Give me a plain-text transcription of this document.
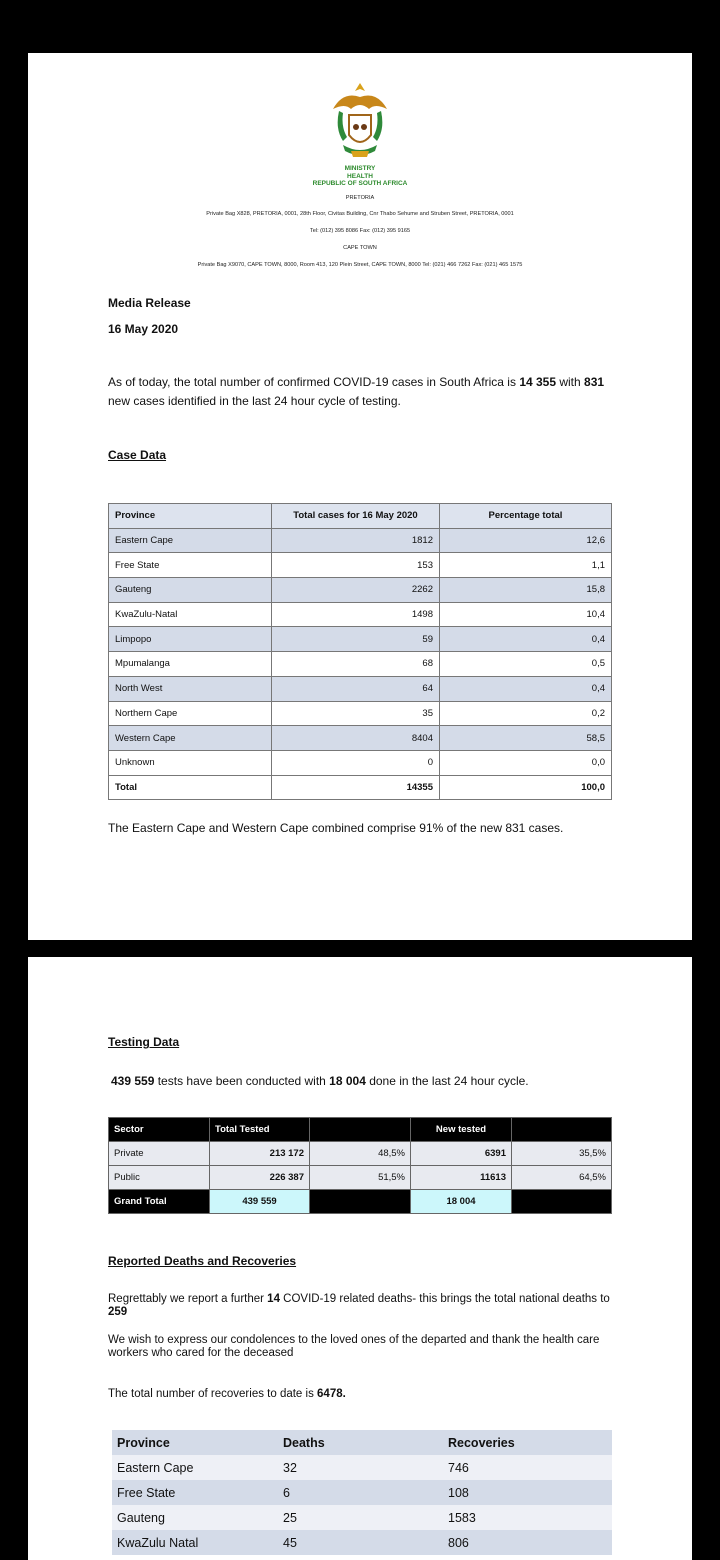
MINISTRY
HEALTH
REPUBLIC OF SOUTH AFRICA
PRETORIA
Private Bag X828, PRETORIA, 0001, 28th Floor, Civitas Building, Cnr Thabo Sehume and Struben Street, PRETORIA, 0001
Tel: (012) 395 8086 Fax: (012) 395 9165
CAPE TOWN
Private Bag X9070, CAPE TOWN, 8000, Room 413, 120 Plein Street, CAPE TOWN, 8000 Tel: (021) 466 7262 Fax: (021) 465 1575
Media Release
16 May 2020
As of today, the total number of confirmed COVID-19 cases in South Africa is 14 355 with 831 new cases identified in the last 24 hour cycle of testing.
Case Data
Province	Total cases for 16 May 2020	Percentage total
Eastern Cape	1812	12,6
Free State	153	1,1
Gauteng	2262	15,8
KwaZulu-Natal	1498	10,4
Limpopo	59	0,4
Mpumalanga	68	0,5
North West	64	0,4
Northern Cape	35	0,2
Western Cape	8404	58,5
Unknown	0	0,0
Total	14355	100,0
The Eastern Cape and Western Cape combined comprise 91% of the new 831 cases.
Testing Data
439 559 tests have been conducted with 18 004 done in the last 24 hour cycle.
Sector	Total Tested		New tested	
Private	213 172	48,5%	6391	35,5%
Public	226 387	51,5%	11613	64,5%
Grand Total	439 559		18 004	
Reported Deaths and Recoveries
Regrettably we report a further 14 COVID-19 related deaths- this brings the total national deaths to 259
We wish to express our condolences to the loved ones of the departed and thank the health care workers who cared for the deceased
The total number of recoveries to date is 6478.
Province	Deaths	Recoveries
Eastern Cape	32	746
Free State	6	108
Gauteng	25	1583
KwaZulu Natal	45	806
